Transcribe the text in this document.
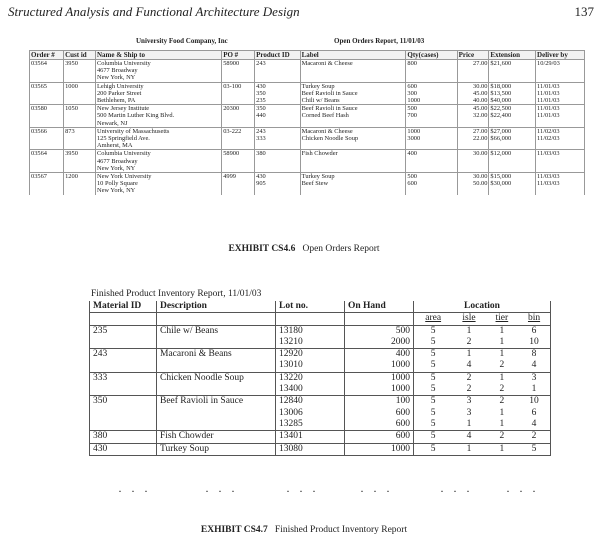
Structured Analysis and Functional Architecture Design	137
University Food Company, Inc	Open Orders Report, 11/01/03
Order #	Cust id	Name & Ship to	PO #	Product ID	Label	Qty(cases)	Price	Extension	Deliver by
03564	3950	Columbia University	58900	243	Macaroni & Cheese	800	27.00	$21,600	10/29/03
		4677 Broadway							
		New York, NY							
03565	1000	Lehigh University	03-100	430	Turkey Soup	600	30.00	$18,000	11/01/03
		200 Parker Street		350	Beef Ravioli in Sauce	300	45.00	$13,500	11/01/03
		Bethlehem, PA		235	Chili w/ Beans	1000	40.00	$40,000	11/01/03
03580	1050	New Jersey Institute	20300	350	Beef Ravioli in Sauce	500	45.00	$22,500	11/01/03
		500 Martin Luther King Blvd.		440	Corned Beef Hash	700	32.00	$22,400	11/01/03
		Newark, NJ							
03566	873	University of Massachusetts	03-222	243	Macaroni & Cheese	1000	27.00	$27,000	11/02/03
		125 Springfield Ave.		333	Chicken Noodle Soup	3000	22.00	$66,000	11/02/03
		Amherst, MA							
03564	3950	Columbia University	58900	380	Fish Chowder	400	30.00	$12,000	11/03/03
		4677 Broadway							
		New York, NY							
03567	1200	New York University	4999	430	Turkey Soup	500	30.00	$15,000	11/03/03
		10 Polly Square		905	Beef Stew	600	50.00	$30,000	11/03/03
		New York, NY							
EXHIBIT CS4.6 Open Orders Report
Finished Product Inventory Report, 11/01/03
Material ID	Description	Lot no.	On Hand	Location			
				area	isle	tier	bin
235	Chile w/ Beans	13180	500	5	1	1	6
		13210	2000	5	2	1	10
243	Macaroni & Beans	12920	400	5	1	1	8
		13010	1000	5	4	2	4
333	Chicken Noodle Soup	13220	1000	5	2	1	3
		13400	1000	5	2	2	1
350	Beef Ravioli in Sauce	12840	100	5	3	2	10
		13006	600	5	3	1	6
		13285	600	5	1	1	4
380	Fish Chowder	13401	600	5	4	2	2
430	Turkey Soup	13080	1000	5	1	1	5
·   ·   ·	·   ·   ·	·   ·   ·	·   ·   ·	·   ·   ·	·   ·   ·
EXHIBIT CS4.7 Finished Product Inventory Report
